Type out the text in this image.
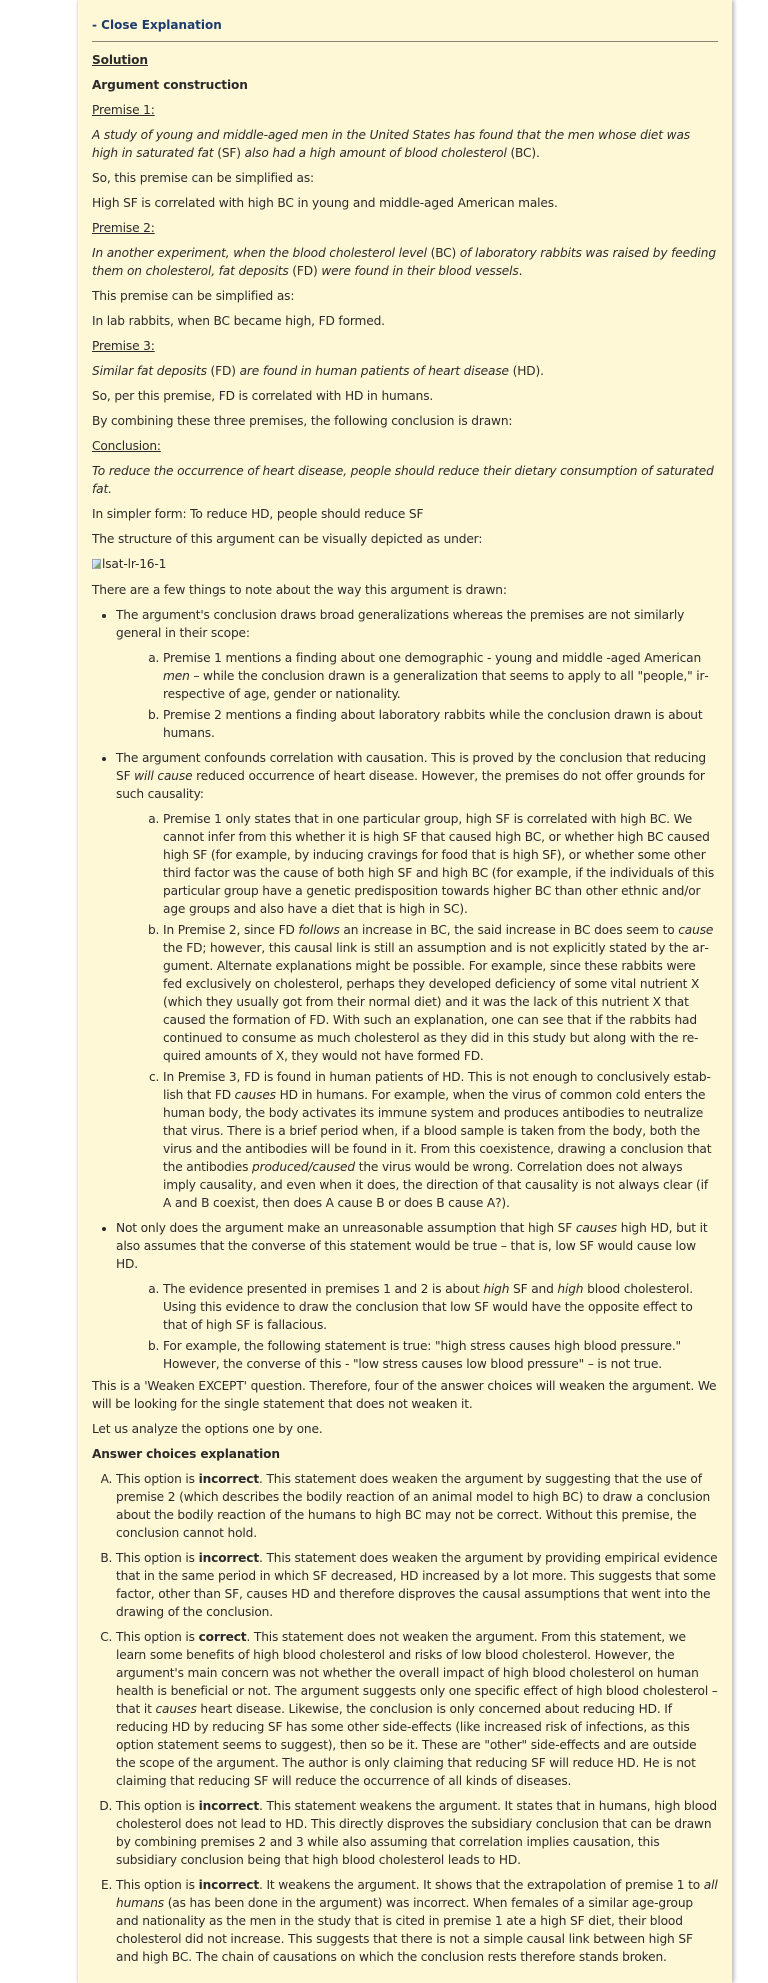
- Close Explanation

Solution

Argument construction

Premise 1:

A study of young and middle-aged men in the United States has found that the men whose diet was high in saturated fat (SF) also had a high amount of blood cholesterol (BC).

So, this premise can be simplified as:

High SF is correlated with high BC in young and middle-aged American males.

Premise 2:

In another experiment, when the blood cholesterol level (BC) of laboratory rabbits was raised by feeding them on cholesterol, fat deposits (FD) were found in their blood vessels.

This premise can be simplified as:

In lab rabbits, when BC became high, FD formed.

Premise 3:

Similar fat deposits (FD) are found in human patients of heart disease (HD).

So, per this premise, FD is correlated with HD in humans.

By combining these three premises, the following conclusion is drawn:

Conclusion:

To reduce the occurrence of heart disease, people should reduce their dietary consumption of saturated fat.

In simpler form: To reduce HD, people should reduce SF

The structure of this argument can be visually depicted as under:

lsat-lr-16-1

There are a few things to note about the way this argument is drawn:

• The argument's conclusion draws broad generalizations whereas the premises are not similarly general in their scope:
a. Premise 1 mentions a finding about one demographic - young and middle -aged American men – while the conclusion drawn is a generalization that seems to apply to all "people," irrespective of age, gender or nationality.
b. Premise 2 mentions a finding about laboratory rabbits while the conclusion drawn is about humans.
• The argument confounds correlation with causation. This is proved by the conclusion that reducing SF will cause reduced occurrence of heart disease. However, the premises do not offer grounds for such causality:
a. Premise 1 only states that in one particular group, high SF is correlated with high BC. We cannot infer from this whether it is high SF that caused high BC, or whether high BC caused high SF (for example, by inducing cravings for food that is high SF), or whether some other third factor was the cause of both high SF and high BC (for example, if the individuals of this particular group have a genetic predisposition towards higher BC than other ethnic and/or age groups and also have a diet that is high in SC).
b. In Premise 2, since FD follows an increase in BC, the said increase in BC does seem to cause the FD; however, this causal link is still an assumption and is not explicitly stated by the argument. Alternate explanations might be possible. For example, since these rabbits were fed exclusively on cholesterol, perhaps they developed deficiency of some vital nutrient X (which they usually got from their normal diet) and it was the lack of this nutrient X that caused the formation of FD. With such an explanation, one can see that if the rabbits had continued to consume as much cholesterol as they did in this study but along with the required amounts of X, they would not have formed FD.
c. In Premise 3, FD is found in human patients of HD. This is not enough to conclusively establish that FD causes HD in humans. For example, when the virus of common cold enters the human body, the body activates its immune system and produces antibodies to neutralize that virus. There is a brief period when, if a blood sample is taken from the body, both the virus and the antibodies will be found in it. From this coexistence, drawing a conclusion that the antibodies produced/caused the virus would be wrong. Correlation does not always imply causality, and even when it does, the direction of that causality is not always clear (if A and B coexist, then does A cause B or does B cause A?).
• Not only does the argument make an unreasonable assumption that high SF causes high HD, but it also assumes that the converse of this statement would be true – that is, low SF would cause low HD.
a. The evidence presented in premises 1 and 2 is about high SF and high blood cholesterol. Using this evidence to draw the conclusion that low SF would have the opposite effect to that of high SF is fallacious.
b. For example, the following statement is true: "high stress causes high blood pressure." However, the converse of this - "low stress causes low blood pressure" – is not true.

This is a 'Weaken EXCEPT' question. Therefore, four of the answer choices will weaken the argument. We will be looking for the single statement that does not weaken it.

Let us analyze the options one by one.

Answer choices explanation

A. This option is incorrect. This statement does weaken the argument by suggesting that the use of premise 2 (which describes the bodily reaction of an animal model to high BC) to draw a conclusion about the bodily reaction of the humans to high BC may not be correct. Without this premise, the conclusion cannot hold.
B. This option is incorrect. This statement does weaken the argument by providing empirical evidence that in the same period in which SF decreased, HD increased by a lot more. This suggests that some factor, other than SF, causes HD and therefore disproves the causal assumptions that went into the drawing of the conclusion.
C. This option is correct. This statement does not weaken the argument. From this statement, we learn some benefits of high blood cholesterol and risks of low blood cholesterol. However, the argument's main concern was not whether the overall impact of high blood cholesterol on human health is beneficial or not. The argument suggests only one specific effect of high blood cholesterol – that it causes heart disease. Likewise, the conclusion is only concerned about reducing HD. If reducing HD by reducing SF has some other side-effects (like increased risk of infections, as this option statement seems to suggest), then so be it. These are "other" side-effects and are outside the scope of the argument. The author is only claiming that reducing SF will reduce HD. He is not claiming that reducing SF will reduce the occurrence of all kinds of diseases.
D. This option is incorrect. This statement weakens the argument. It states that in humans, high blood cholesterol does not lead to HD. This directly disproves the subsidiary conclusion that can be drawn by combining premises 2 and 3 while also assuming that correlation implies causation, this subsidiary conclusion being that high blood cholesterol leads to HD.
E. This option is incorrect. It weakens the argument. It shows that the extrapolation of premise 1 to all humans (as has been done in the argument) was incorrect. When females of a similar age-group and nationality as the men in the study that is cited in premise 1 ate a high SF diet, their blood cholesterol did not increase. This suggests that there is not a simple causal link between high SF and high BC. The chain of causations on which the conclusion rests therefore stands broken.
